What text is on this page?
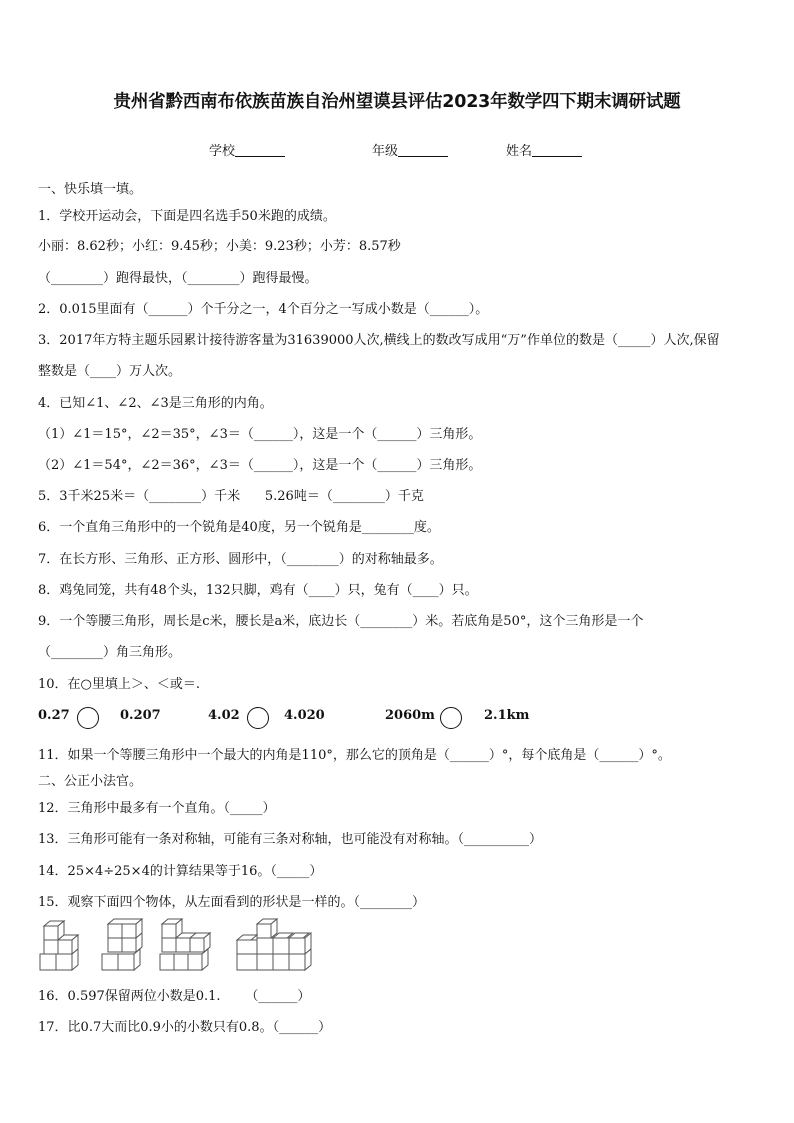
贵州省黔西南布依族苗族自治州望谟县评估2023年数学四下期末调研试题
学校	年级	姓名
一、快乐填一填。
1．学校开运动会，下面是四名选手50米跑的成绩。
小丽：8.62秒；小红：9.45秒；小美：9.23秒；小芳：8.57秒
（________）跑得最快，（________）跑得最慢。
2．0.015里面有（______）个千分之一，4个百分之一写成小数是（______）。
3．2017年方特主题乐园累计接待游客量为31639000人次,横线上的数改写成用“万”作单位的数是（_____）人次,保留
整数是（____）万人次。
4．已知∠1、∠2、∠3是三角形的内角。
（1）∠1＝15°，∠2＝35°，∠3＝（______），这是一个（______）三角形。
（2）∠1＝54°，∠2＝36°，∠3＝（______），这是一个（______）三角形。
5．3千米25米＝（________）千米      5.26吨＝（________）千克
6．一个直角三角形中的一个锐角是40度，另一个锐角是________度。
7．在长方形、三角形、正方形、圆形中，（________）的对称轴最多。
8．鸡兔同笼，共有48个头，132只脚，鸡有（____）只，兔有（____）只。
9．一个等腰三角形，周长是c米，腰长是a米，底边长（________）米。若底角是50°，这个三角形是一个
（________）角三角形。
10．在○里填上＞、＜或＝.
0.27	0.207	4.02	4.020	2060m	2.1km
11．如果一个等腰三角形中一个最大的内角是110°，那么它的顶角是（______）°，每个底角是（______）°。
二、公正小法官。
12．三角形中最多有一个直角。（_____）
13．三角形可能有一条对称轴，可能有三条对称轴，也可能没有对称轴。（__________）
14．25×4÷25×4的计算结果等于16。（_____）
15．观察下面四个物体，从左面看到的形状是一样的。（________）
16．0.597保留两位小数是0.1.      （______）
17．比0.7大而比0.9小的小数只有0.8。（______）
